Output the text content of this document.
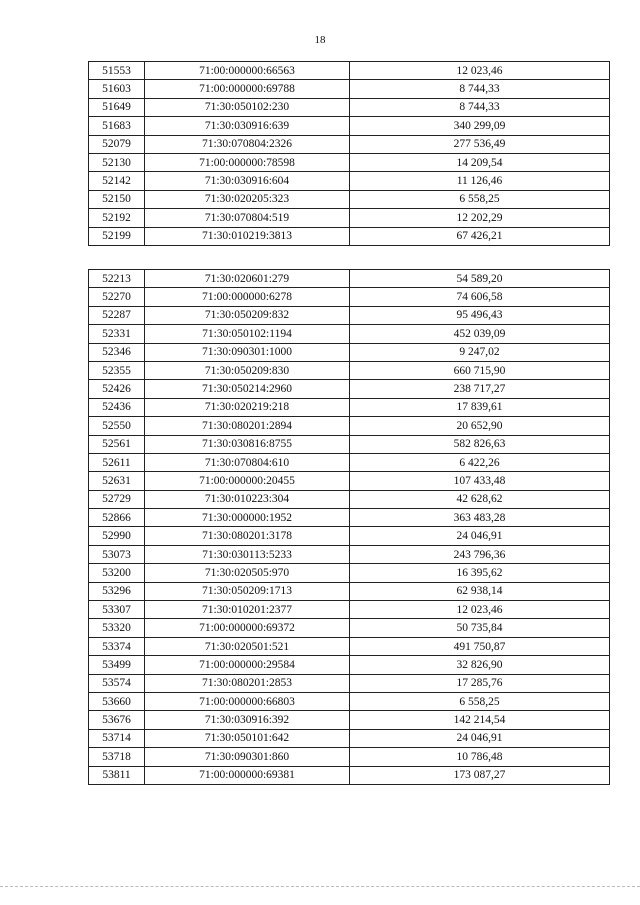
18
51553	71:00:000000:66563	12 023,46
51603	71:00:000000:69788	8 744,33
51649	71:30:050102:230	8 744,33
51683	71:30:030916:639	340 299,09
52079	71:30:070804:2326	277 536,49
52130	71:00:000000:78598	14 209,54
52142	71:30:030916:604	11 126,46
52150	71:30:020205:323	6 558,25
52192	71:30:070804:519	12 202,29
52199	71:30:010219:3813	67 426,21
52213	71:30:020601:279	54 589,20
52270	71:00:000000:6278	74 606,58
52287	71:30:050209:832	95 496,43
52331	71:30:050102:1194	452 039,09
52346	71:30:090301:1000	9 247,02
52355	71:30:050209:830	660 715,90
52426	71:30:050214:2960	238 717,27
52436	71:30:020219:218	17 839,61
52550	71:30:080201:2894	20 652,90
52561	71:30:030816:8755	582 826,63
52611	71:30:070804:610	6 422,26
52631	71:00:000000:20455	107 433,48
52729	71:30:010223:304	42 628,62
52866	71:30:000000:1952	363 483,28
52990	71:30:080201:3178	24 046,91
53073	71:30:030113:5233	243 796,36
53200	71:30:020505:970	16 395,62
53296	71:30:050209:1713	62 938,14
53307	71:30:010201:2377	12 023,46
53320	71:00:000000:69372	50 735,84
53374	71:30:020501:521	491 750,87
53499	71:00:000000:29584	32 826,90
53574	71:30:080201:2853	17 285,76
53660	71:00:000000:66803	6 558,25
53676	71:30:030916:392	142 214,54
53714	71:30:050101:642	24 046,91
53718	71:30:090301:860	10 786,48
53811	71:00:000000:69381	173 087,27
